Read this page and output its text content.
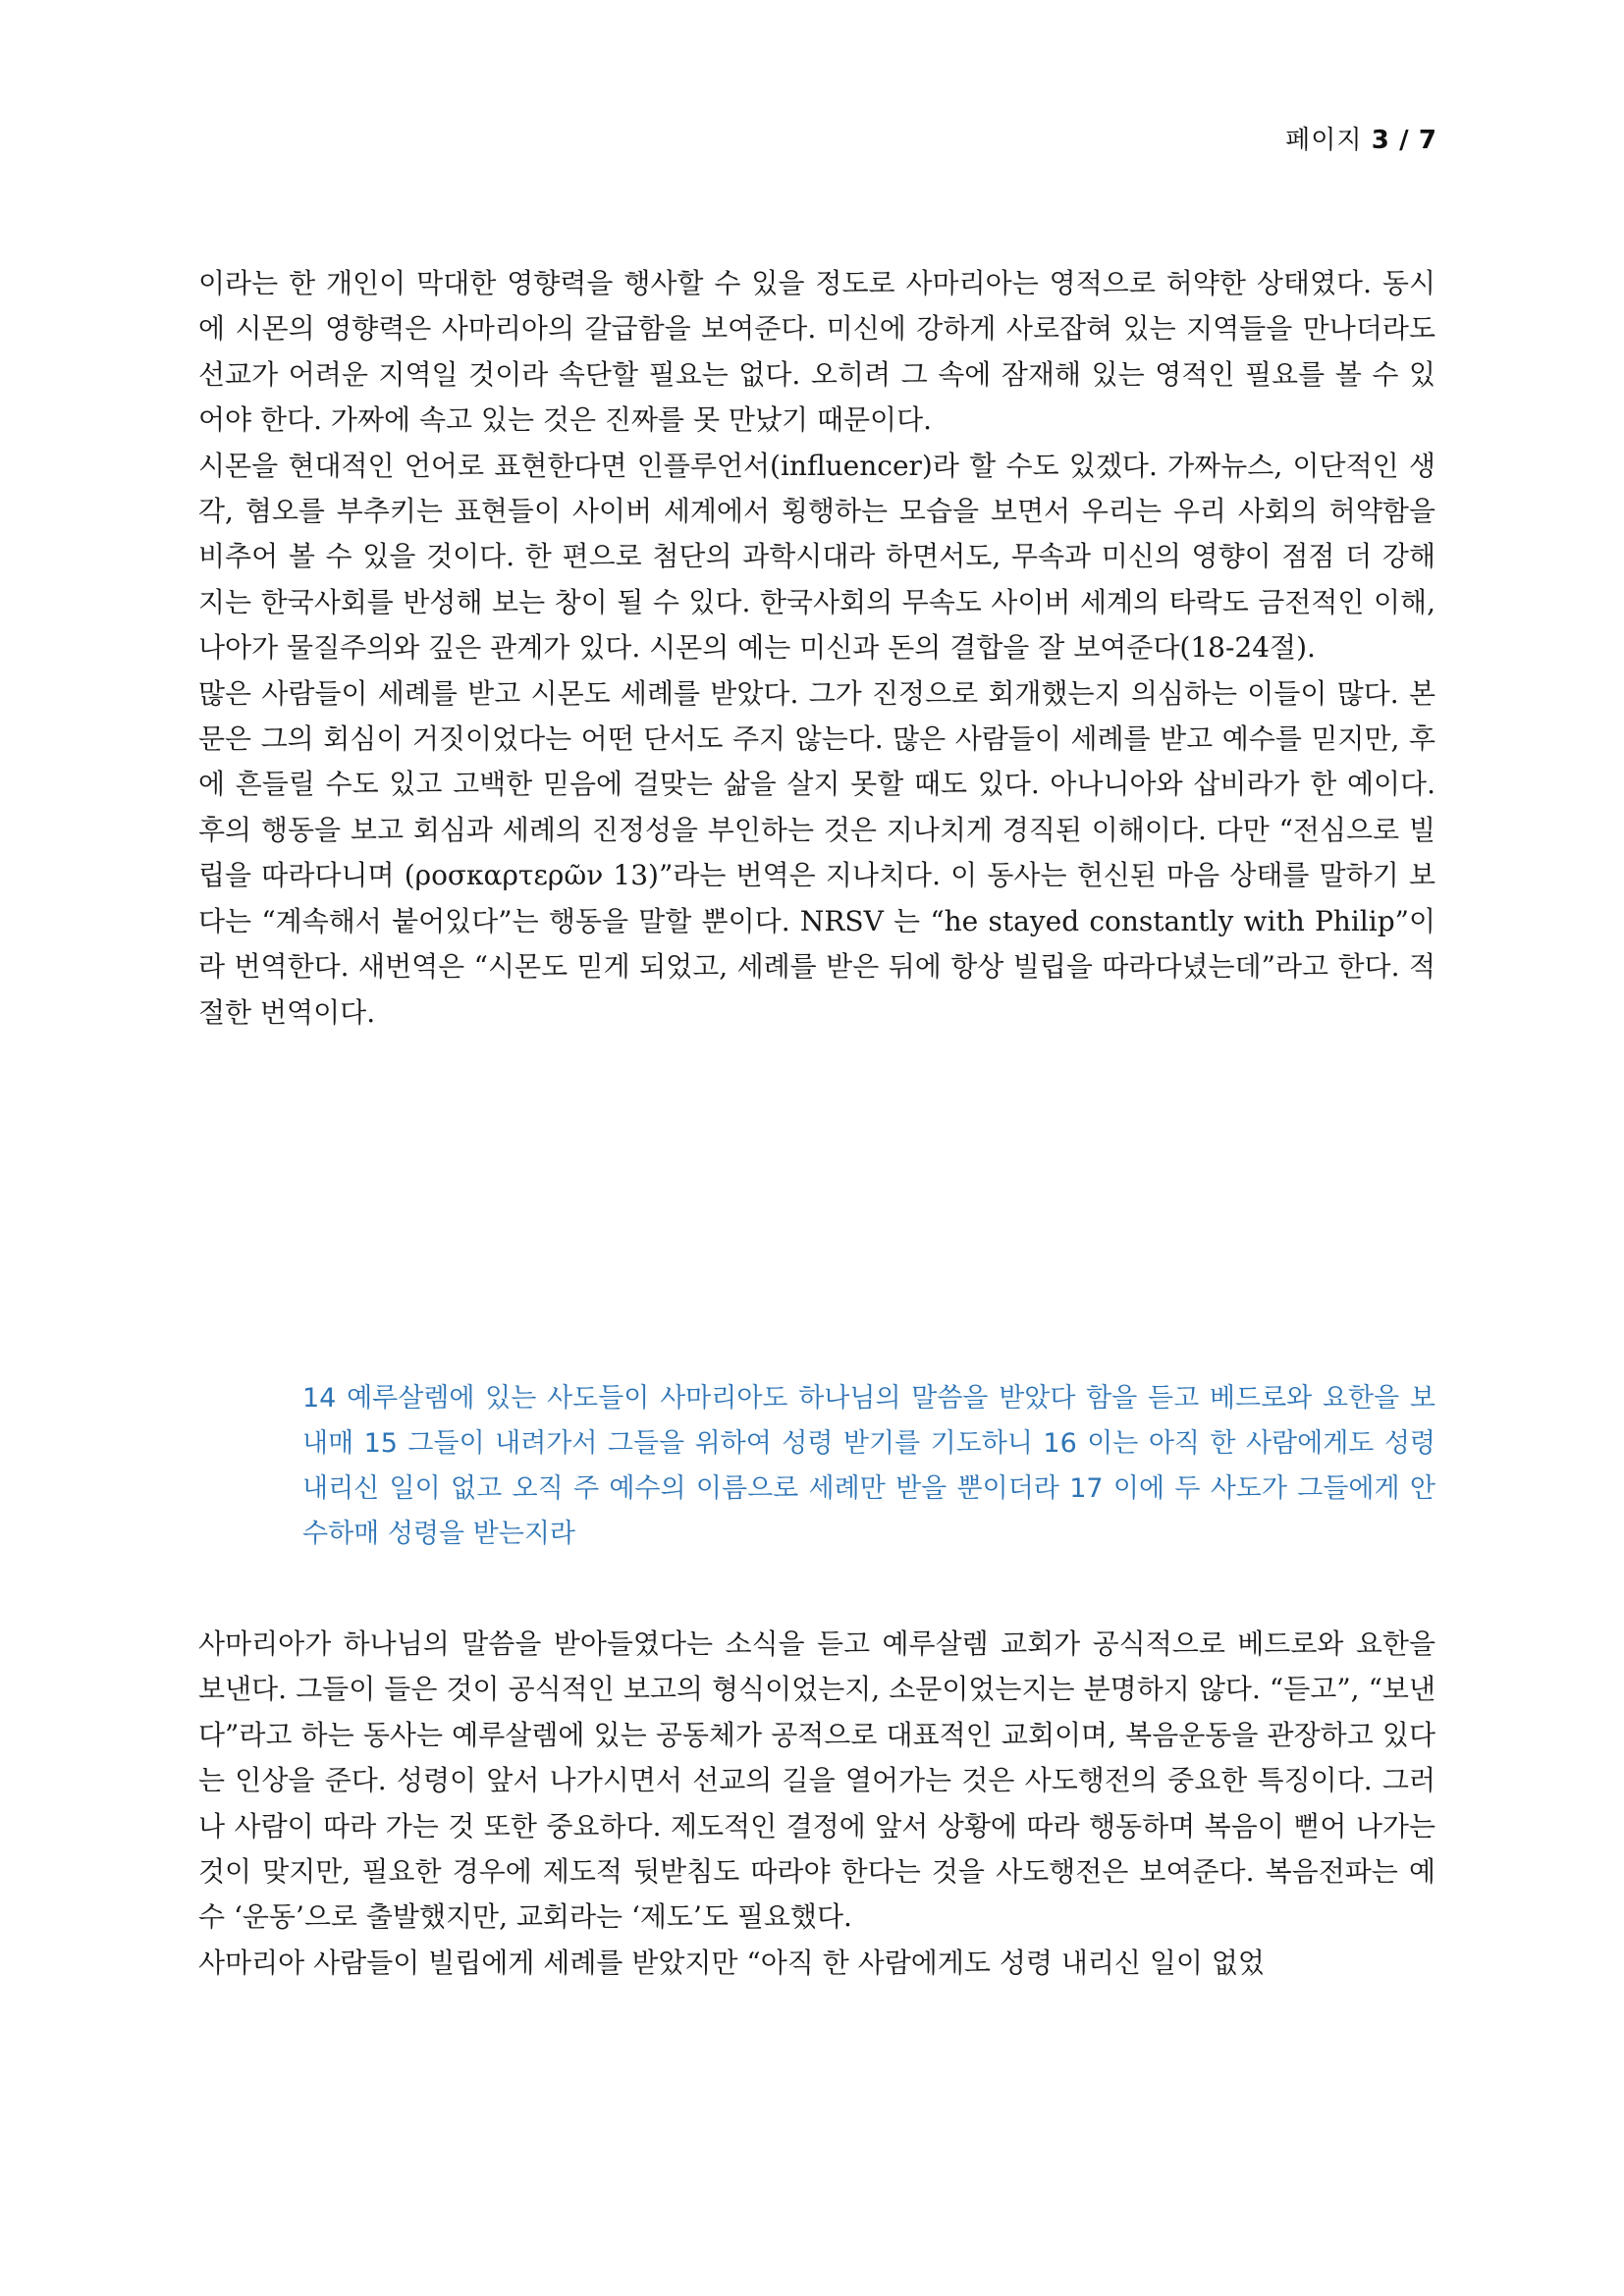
페이지 3 / 7

이라는 한 개인이 막대한 영향력을 행사할 수 있을 정도로 사마리아는 영적으로 허약한 상태였다. 동시에 시몬의 영향력은 사마리아의 갈급함을 보여준다. 미신에 강하게 사로잡혀 있는 지역들을 만나더라도 선교가 어려운 지역일 것이라 속단할 필요는 없다. 오히려 그 속에 잠재해 있는 영적인 필요를 볼 수 있어야 한다. 가짜에 속고 있는 것은 진짜를 못 만났기 때문이다.

시몬을 현대적인 언어로 표현한다면 인플루언서(influencer)라 할 수도 있겠다. 가짜뉴스, 이단적인 생각, 혐오를 부추키는 표현들이 사이버 세계에서 횡행하는 모습을 보면서 우리는 우리 사회의 허약함을 비추어 볼 수 있을 것이다. 한 편으로 첨단의 과학시대라 하면서도, 무속과 미신의 영향이 점점 더 강해지는 한국사회를 반성해 보는 창이 될 수 있다. 한국사회의 무속도 사이버 세계의 타락도 금전적인 이해, 나아가 물질주의와 깊은 관계가 있다. 시몬의 예는 미신과 돈의 결합을 잘 보여준다(18-24절).

많은 사람들이 세례를 받고 시몬도 세례를 받았다. 그가 진정으로 회개했는지 의심하는 이들이 많다. 본문은 그의 회심이 거짓이었다는 어떤 단서도 주지 않는다. 많은 사람들이 세례를 받고 예수를 믿지만, 후에 흔들릴 수도 있고 고백한 믿음에 걸맞는 삶을 살지 못할 때도 있다. 아나니아와 삽비라가 한 예이다. 후의 행동을 보고 회심과 세례의 진정성을 부인하는 것은 지나치게 경직된 이해이다. 다만 “전심으로 빌립을 따라다니며 (ροσκαρτερῶν 13)”라는 번역은 지나치다. 이 동사는 헌신된 마음 상태를 말하기 보다는 “계속해서 붙어있다”는 행동을 말할 뿐이다. NRSV 는 “he stayed constantly with Philip”이라 번역한다. 새번역은 “시몬도 믿게 되었고, 세례를 받은 뒤에 항상 빌립을 따라다녔는데”라고 한다. 적절한 번역이다.

14 예루살렘에 있는 사도들이 사마리아도 하나님의 말씀을 받았다 함을 듣고 베드로와 요한을 보내매 15 그들이 내려가서 그들을 위하여 성령 받기를 기도하니 16 이는 아직 한 사람에게도 성령 내리신 일이 없고 오직 주 예수의 이름으로 세례만 받을 뿐이더라 17 이에 두 사도가 그들에게 안수하매 성령을 받는지라

사마리아가 하나님의 말씀을 받아들였다는 소식을 듣고 예루살렘 교회가 공식적으로 베드로와 요한을 보낸다. 그들이 들은 것이 공식적인 보고의 형식이었는지, 소문이었는지는 분명하지 않다. “듣고”, “보낸다”라고 하는 동사는 예루살렘에 있는 공동체가 공적으로 대표적인 교회이며, 복음운동을 관장하고 있다는 인상을 준다. 성령이 앞서 나가시면서 선교의 길을 열어가는 것은 사도행전의 중요한 특징이다. 그러나 사람이 따라 가는 것 또한 중요하다. 제도적인 결정에 앞서 상황에 따라 행동하며 복음이 뻗어 나가는 것이 맞지만, 필요한 경우에 제도적 뒷받침도 따라야 한다는 것을 사도행전은 보여준다. 복음전파는 예수 ‘운동’으로 출발했지만, 교회라는 ‘제도’도 필요했다.

사마리아 사람들이 빌립에게 세례를 받았지만 “아직 한 사람에게도 성령 내리신 일이 없었
